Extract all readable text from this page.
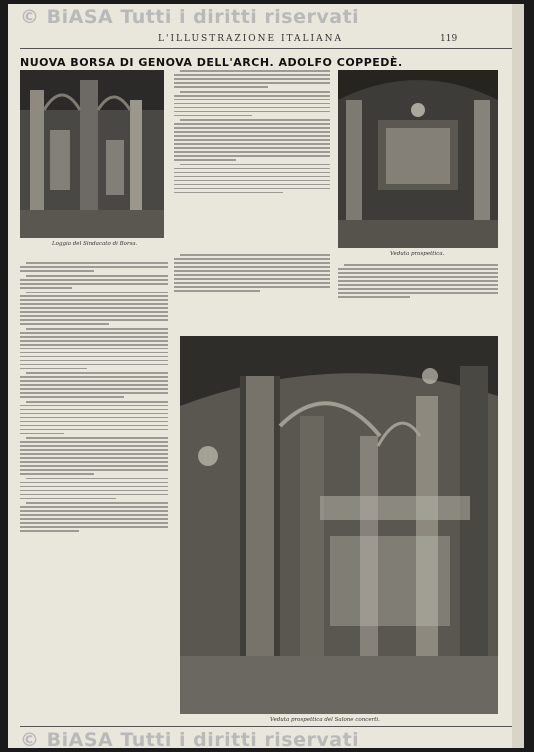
© BiASA Tutti i diritti riservati
L'ILLUSTRAZIONE ITALIANA	119
NUOVA BORSA DI GENOVA DELL'ARCH. ADOLFO COPPEDÈ.
Loggia del Sindacato di Borsa.
Veduta prospettica.
Veduta prospettica del Salone concerti.
© BiASA Tutti i diritti riservati
